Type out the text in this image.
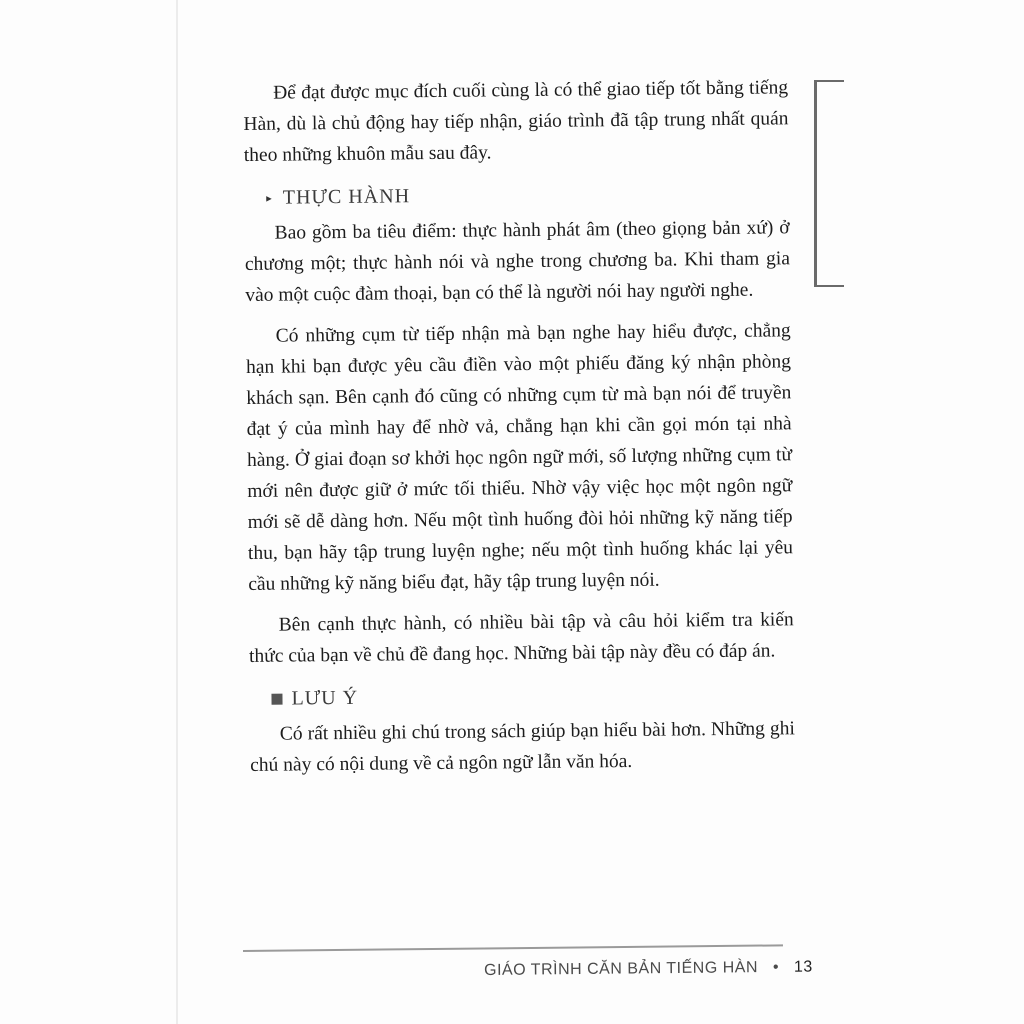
Để đạt được mục đích cuối cùng là có thể giao tiếp tốt bằng tiếng Hàn, dù là chủ động hay tiếp nhận, giáo trình đã tập trung nhất quán theo những khuôn mẫu sau đây.

▸ THỰC HÀNH

Bao gồm ba tiêu điểm: thực hành phát âm (theo giọng bản xứ) ở chương một; thực hành nói và nghe trong chương ba. Khi tham gia vào một cuộc đàm thoại, bạn có thể là người nói hay người nghe.

Có những cụm từ tiếp nhận mà bạn nghe hay hiểu được, chẳng hạn khi bạn được yêu cầu điền vào một phiếu đăng ký nhận phòng khách sạn. Bên cạnh đó cũng có những cụm từ mà bạn nói để truyền đạt ý của mình hay để nhờ vả, chẳng hạn khi cần gọi món tại nhà hàng. Ở giai đoạn sơ khởi học ngôn ngữ mới, số lượng những cụm từ mới nên được giữ ở mức tối thiểu. Nhờ vậy việc học một ngôn ngữ mới sẽ dễ dàng hơn. Nếu một tình huống đòi hỏi những kỹ năng tiếp thu, bạn hãy tập trung luyện nghe; nếu một tình huống khác lại yêu cầu những kỹ năng biểu đạt, hãy tập trung luyện nói.

Bên cạnh thực hành, có nhiều bài tập và câu hỏi kiểm tra kiến thức của bạn về chủ đề đang học. Những bài tập này đều có đáp án.

LƯU Ý

Có rất nhiều ghi chú trong sách giúp bạn hiểu bài hơn. Những ghi chú này có nội dung về cả ngôn ngữ lẫn văn hóa.

GIÁO TRÌNH CĂN BẢN TIẾNG HÀN • 13
